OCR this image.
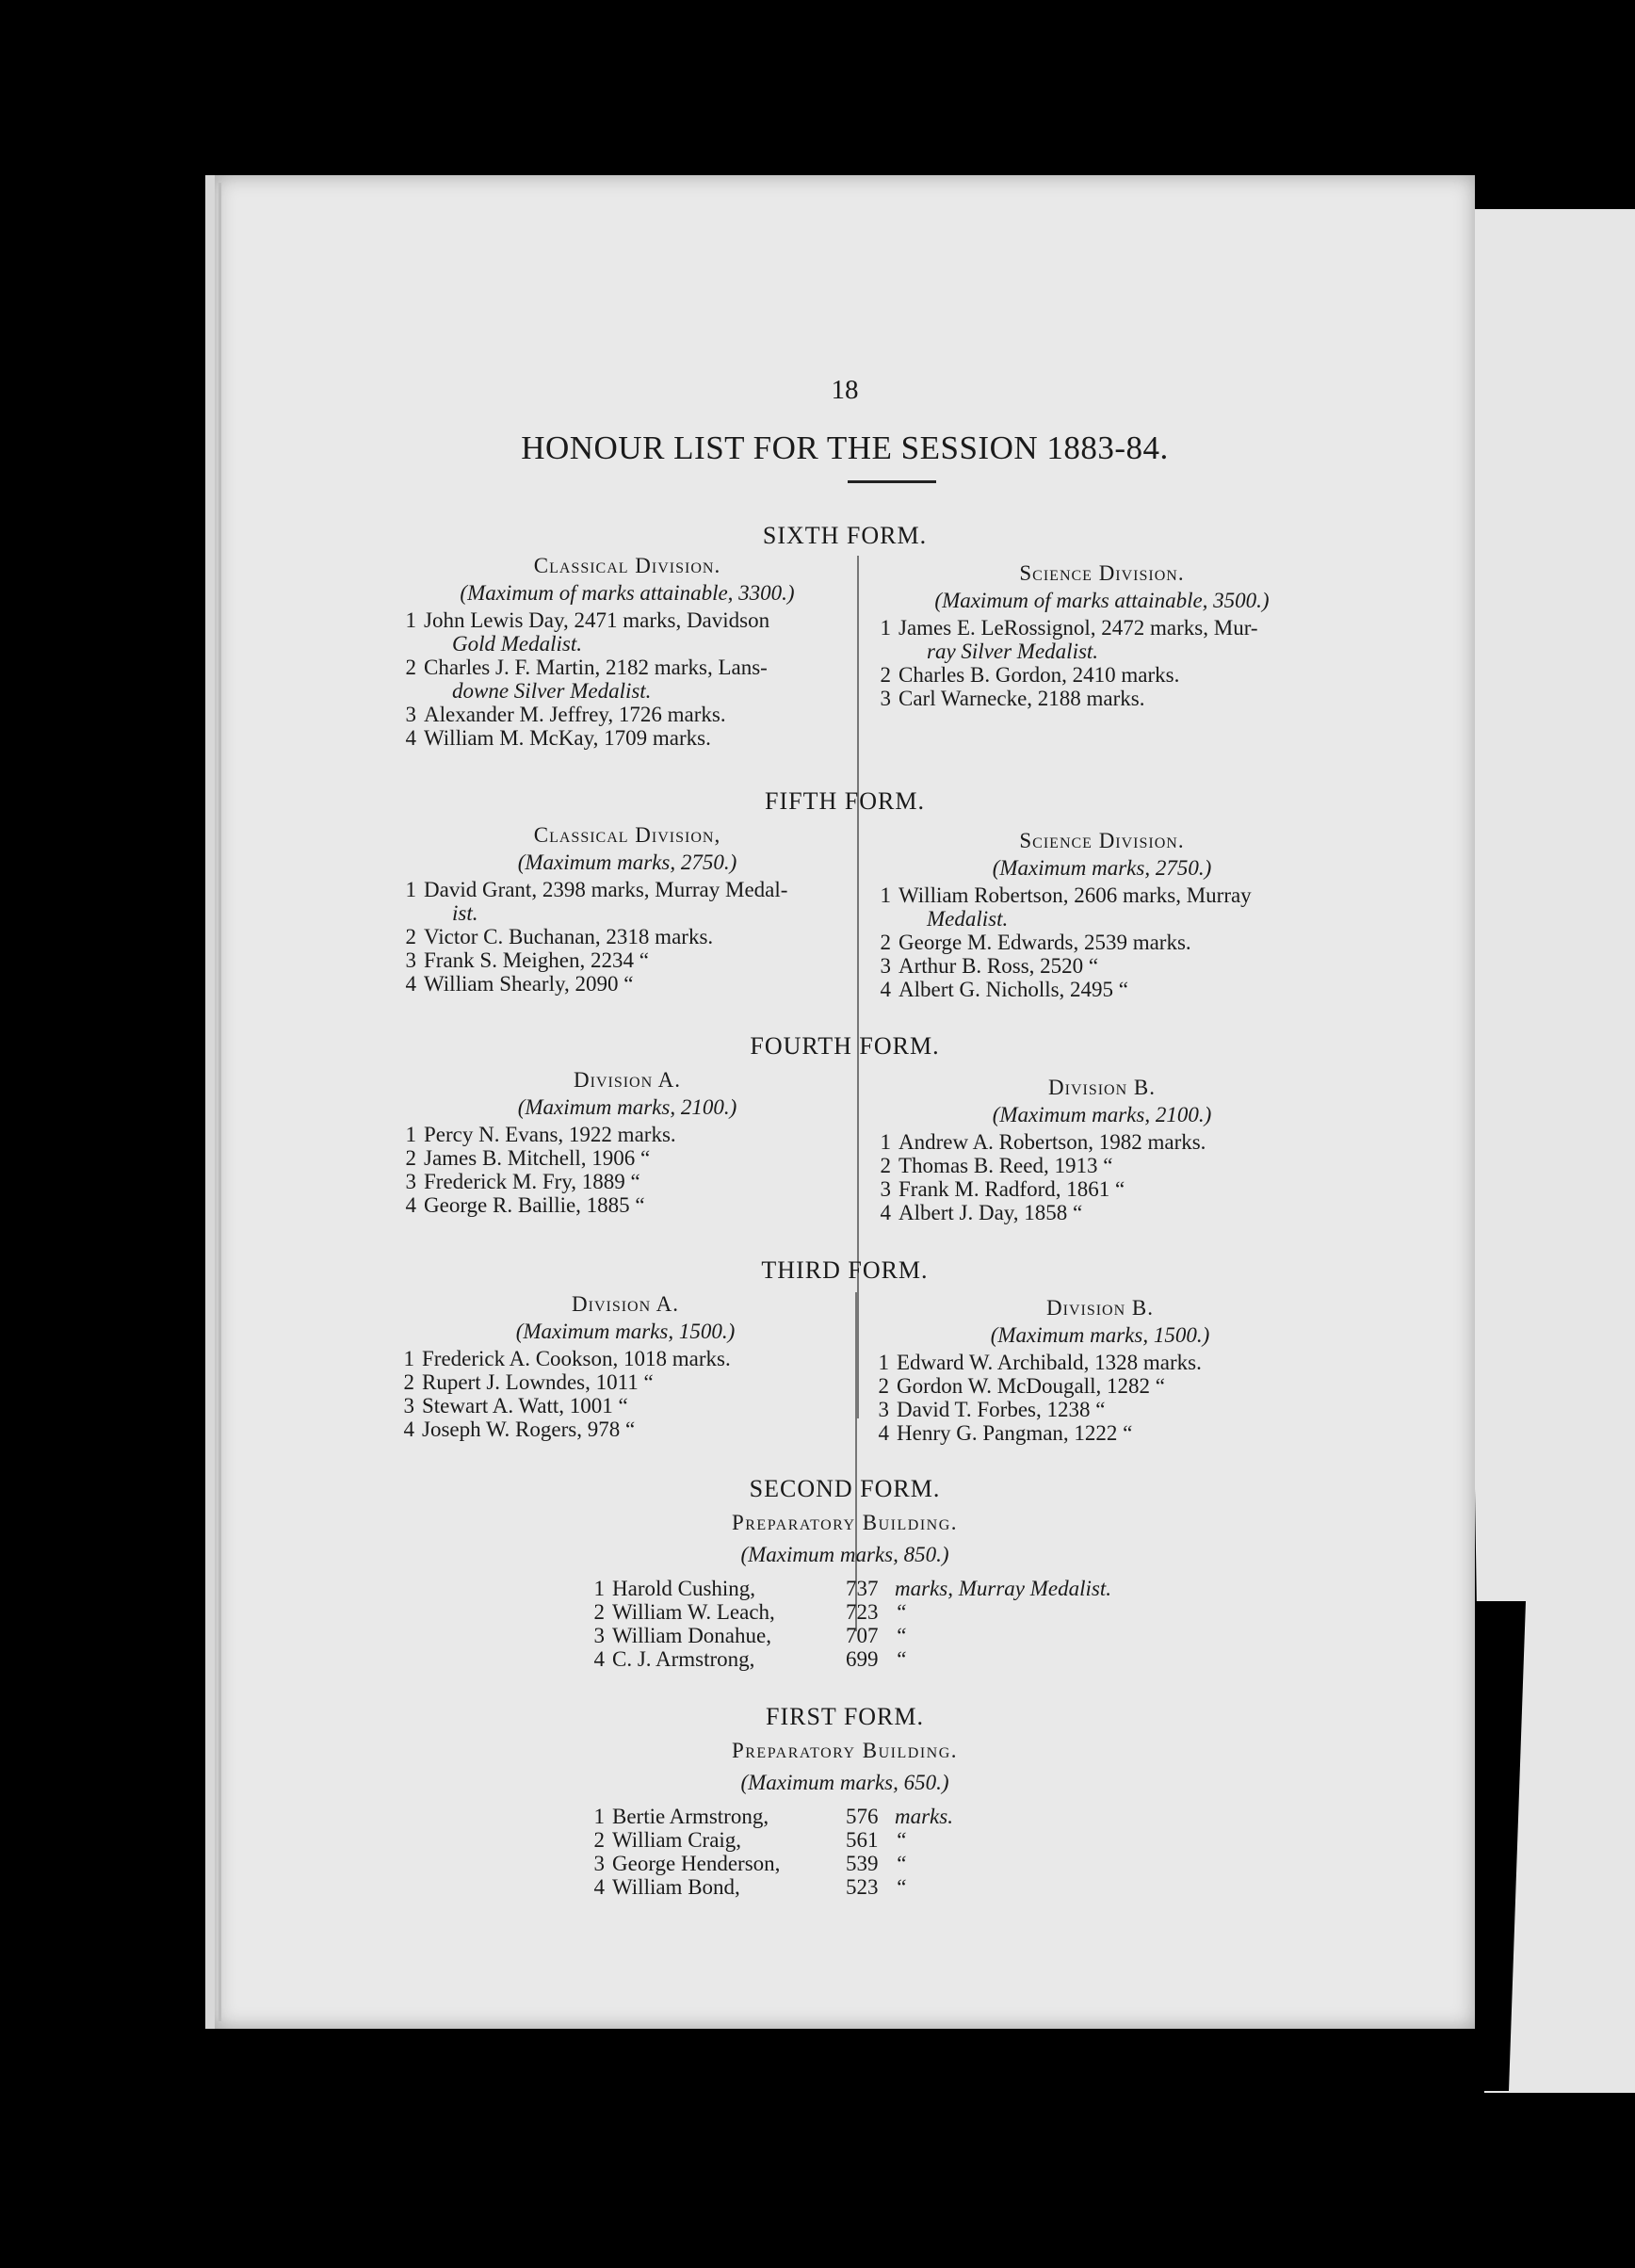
18
HONOUR LIST FOR THE SESSION 1883-84.
SIXTH FORM.
Classical Division.
(Maximum of marks attainable, 3300.)
1 John Lewis Day, 2471 marks, Davidson
Gold Medalist.
2 Charles J. F. Martin, 2182 marks, Lans-
downe Silver Medalist.
3 Alexander M. Jeffrey, 1726 marks.
4 William M. McKay, 1709 marks.
Science Division.
(Maximum of marks attainable, 3500.)
1 James E. LeRossignol, 2472 marks, Mur-
ray Silver Medalist.
2 Charles B. Gordon, 2410 marks.
3 Carl Warnecke, 2188 marks.
FIFTH FORM.
Classical Division,
(Maximum marks, 2750.)
1 David Grant, 2398 marks, Murray Medal-
ist.
2 Victor C. Buchanan, 2318 marks.
3 Frank S. Meighen, 2234 “
4 William Shearly, 2090 “
Science Division.
(Maximum marks, 2750.)
1 William Robertson, 2606 marks, Murray
Medalist.
2 George M. Edwards, 2539 marks.
3 Arthur B. Ross, 2520 “
4 Albert G. Nicholls, 2495 “
FOURTH FORM.
Division A.
(Maximum marks, 2100.)
1 Percy N. Evans, 1922 marks.
2 James B. Mitchell, 1906 “
3 Frederick M. Fry, 1889 “
4 George R. Baillie, 1885 “
Division B.
(Maximum marks, 2100.)
1 Andrew A. Robertson, 1982 marks.
2 Thomas B. Reed, 1913 “
3 Frank M. Radford, 1861 “
4 Albert J. Day, 1858 “
THIRD FORM.
Division A.
(Maximum marks, 1500.)
1 Frederick A. Cookson, 1018 marks.
2 Rupert J. Lowndes, 1011 “
3 Stewart A. Watt, 1001 “
4 Joseph W. Rogers, 978 “
Division B.
(Maximum marks, 1500.)
1 Edward W. Archibald, 1328 marks.
2 Gordon W. McDougall, 1282 “
3 David T. Forbes, 1238 “
4 Henry G. Pangman, 1222 “
SECOND FORM.
Preparatory Building.
(Maximum marks, 850.)
1 Harold Cushing,	737 marks, Murray Medalist.
2 William W. Leach,	723 “
3 William Donahue,	707 “
4 C. J. Armstrong,	699 “
FIRST FORM.
Preparatory Building.
(Maximum marks, 650.)
1 Bertie Armstrong,	576 marks.
2 William Craig,	561 “
3 George Henderson,	539 “
4 William Bond,	523 “
